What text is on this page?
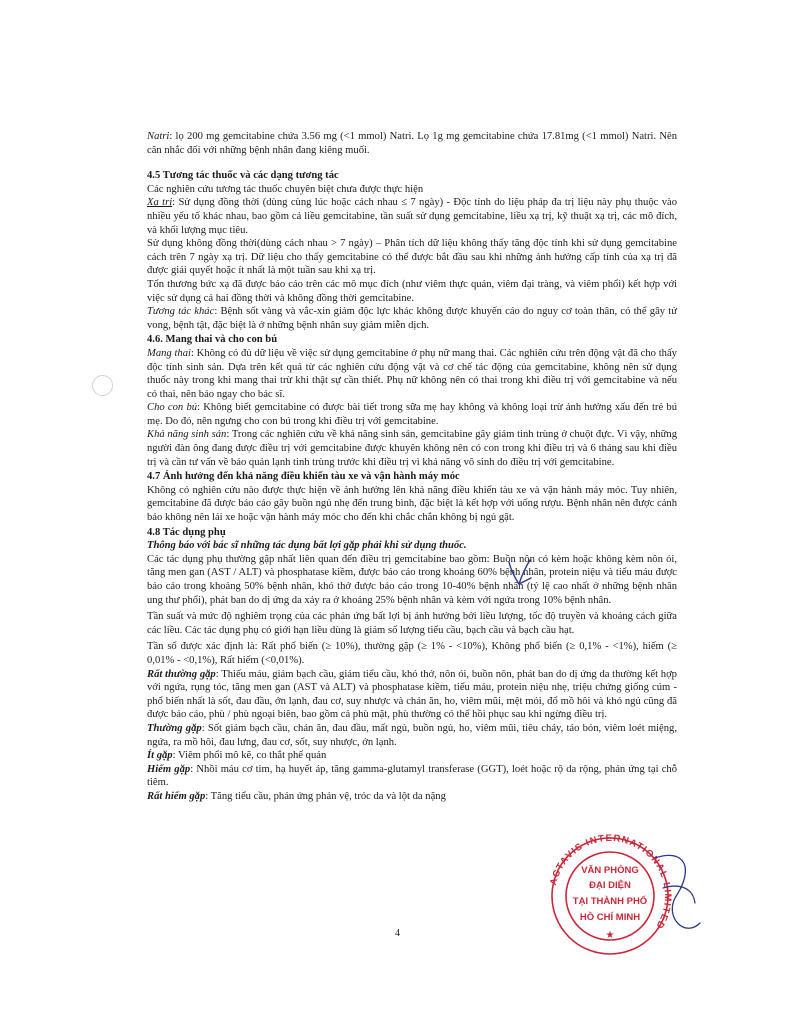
Natri: lọ 200 mg gemcitabine chứa 3.56 mg (<1 mmol) Natri. Lọ 1g mg gemcitabine chứa 17.81mg (<1 mmol) Natri. Nên cân nhắc đối với những bệnh nhân đang kiêng muối.

4.5 Tương tác thuốc và các dạng tương tác

Các nghiên cứu tương tác thuốc chuyên biệt chưa được thực hiện

Xạ trị: Sử dụng đồng thời (dùng cùng lúc hoặc cách nhau ≤ 7 ngày) - Độc tính do liệu pháp đa trị liệu này phụ thuộc vào nhiều yếu tố khác nhau, bao gồm cả liều gemcitabine, tần suất sử dụng gemcitabine, liều xạ trị, kỹ thuật xạ trị, các mô đích, và khối lượng mục tiêu.

Sử dụng không đồng thời(dùng cách nhau > 7 ngày) – Phân tích dữ liệu không thấy tăng độc tính khi sử dụng gemcitabine cách trên 7 ngày xạ trị. Dữ liệu cho thấy gemcitabine có thể được bắt đầu sau khi những ảnh hưởng cấp tính của xạ trị đã được giải quyết hoặc ít nhất là một tuần sau khi xạ trị.

Tổn thương bức xạ đã được báo cáo trên các mô mục đích (như viêm thực quản, viêm đại tràng, và viêm phổi) kết hợp với việc sử dụng cả hai đồng thời và không đồng thời gemcitabine.

Tương tác khác: Bệnh sốt vàng và vắc-xin giảm độc lực khác không được khuyến cáo do nguy cơ toàn thân, có thể gây tử vong, bệnh tật, đặc biệt là ở những bệnh nhân suy giảm miễn dịch.

4.6. Mang thai và cho con bú

Mang thai: Không có đủ dữ liệu về việc sử dụng gemcitabine ở phụ nữ mang thai. Các nghiên cứu trên động vật đã cho thấy độc tính sinh sản. Dựa trên kết quả từ các nghiên cứu động vật và cơ chế tác động của gemcitabine, không nên sử dụng thuốc này trong khi mang thai trừ khi thật sự cần thiết. Phụ nữ không nên có thai trong khi điều trị với gemcitabine và nếu có thai, nên báo ngay cho bác sĩ.

Cho con bú: Không biết gemcitabine có được bài tiết trong sữa mẹ hay không và không loại trừ ảnh hưởng xấu đến trẻ bú mẹ. Do đó, nên ngưng cho con bú trong khi điều trị với gemcitabine.

Khả năng sinh sản: Trong các nghiên cứu về khả năng sinh sản, gemcitabine gây giảm tinh trùng ở chuột đực. Vì vậy, những người đàn ông đang được điều trị với gemcitabine được khuyên không nên có con trong khi điều trị và 6 tháng sau khi điều trị và cần tư vấn về bảo quản lạnh tinh trùng trước khi điều trị vì khả năng vô sinh do điều trị với gemcitabine.

4.7 Ảnh hưởng đến khả năng điều khiển tàu xe và vận hành máy móc

Không có nghiên cứu nào được thực hiện về ảnh hưởng lên khả năng điều khiển tàu xe và vận hành máy móc. Tuy nhiên, gemcitabine đã được báo cáo gây buồn ngủ nhẹ đến trung bình, đặc biệt là kết hợp với uống rượu. Bệnh nhân nên được cảnh báo không nên lái xe hoặc vận hành máy móc cho đến khi chắc chắn không bị ngủ gật.

4.8 Tác dụng phụ

Thông báo với bác sĩ những tác dụng bất lợi gặp phải khi sử dụng thuốc.

Các tác dụng phụ thường gặp nhất liên quan đến điều trị gemcitabine bao gồm: Buồn nôn có kèm hoặc không kèm nôn ói, tăng men gan (AST / ALT) và phosphatase kiềm, được báo cáo trong khoảng 60% bệnh nhân, protein niệu và tiểu máu được báo cáo trong khoảng 50% bệnh nhân, khó thở được báo cáo trong 10-40% bệnh nhân (tỷ lệ cao nhất ở những bệnh nhân ung thư phổi), phát ban do dị ứng da xảy ra ở khoảng 25% bệnh nhân và kèm với ngứa trong 10% bệnh nhân.

Tần suất và mức độ nghiêm trọng của các phản ứng bất lợi bị ảnh hưởng bởi liều lượng, tốc độ truyền và khoảng cách giữa các liều. Các tác dụng phụ có giới hạn liều dùng là giảm số lượng tiểu cầu, bạch cầu và bạch cầu hạt.

Tần số được xác định là: Rất phổ biến (≥ 10%), thường gặp (≥ 1% - <10%), Không phổ biến (≥ 0,1% - <1%), hiếm (≥ 0,01% - <0,1%), Rất hiếm (<0,01%).

Rất thường gặp: Thiếu máu, giảm bạch cầu, giảm tiểu cầu, khó thở, nôn ói, buồn nôn, phát ban do dị ứng da thường kết hợp với ngứa, rụng tóc, tăng men gan (AST và ALT) và phosphatase kiềm, tiểu máu, protein niệu nhẹ, triệu chứng giống cúm - phổ biến nhất là sốt, đau đầu, ớn lạnh, đau cơ, suy nhược và chán ăn, ho, viêm mũi, mệt mỏi, đổ mồ hôi và khó ngủ cũng đã được báo cáo, phù / phù ngoại biên, bao gồm cả phù mặt, phù thường có thể hồi phục sau khi ngừng điều trị.

Thường gặp: Sốt giảm bạch cầu, chán ăn, đau đầu, mất ngủ, buồn ngủ, ho, viêm mũi, tiêu chảy, táo bón, viêm loét miệng, ngứa, ra mồ hôi, đau lưng, đau cơ, sốt, suy nhược, ớn lạnh.

Ít gặp: Viêm phổi mô kẽ, co thắt phế quản

Hiếm gặp: Nhồi máu cơ tim, hạ huyết áp, tăng gamma-glutamyl transferase (GGT), loét hoặc rộ da rộng, phản ứng tại chỗ tiêm.

Rất hiếm gặp: Tăng tiểu cầu, phản ứng phản vệ, tróc da và lột da nặng

4
ACTAVIS INTERNATIONAL LIMITED
VĂN PHÒNG
ĐẠI DIỆN
TẠI THÀNH PHỐ
HỒ CHÍ MINH
★
